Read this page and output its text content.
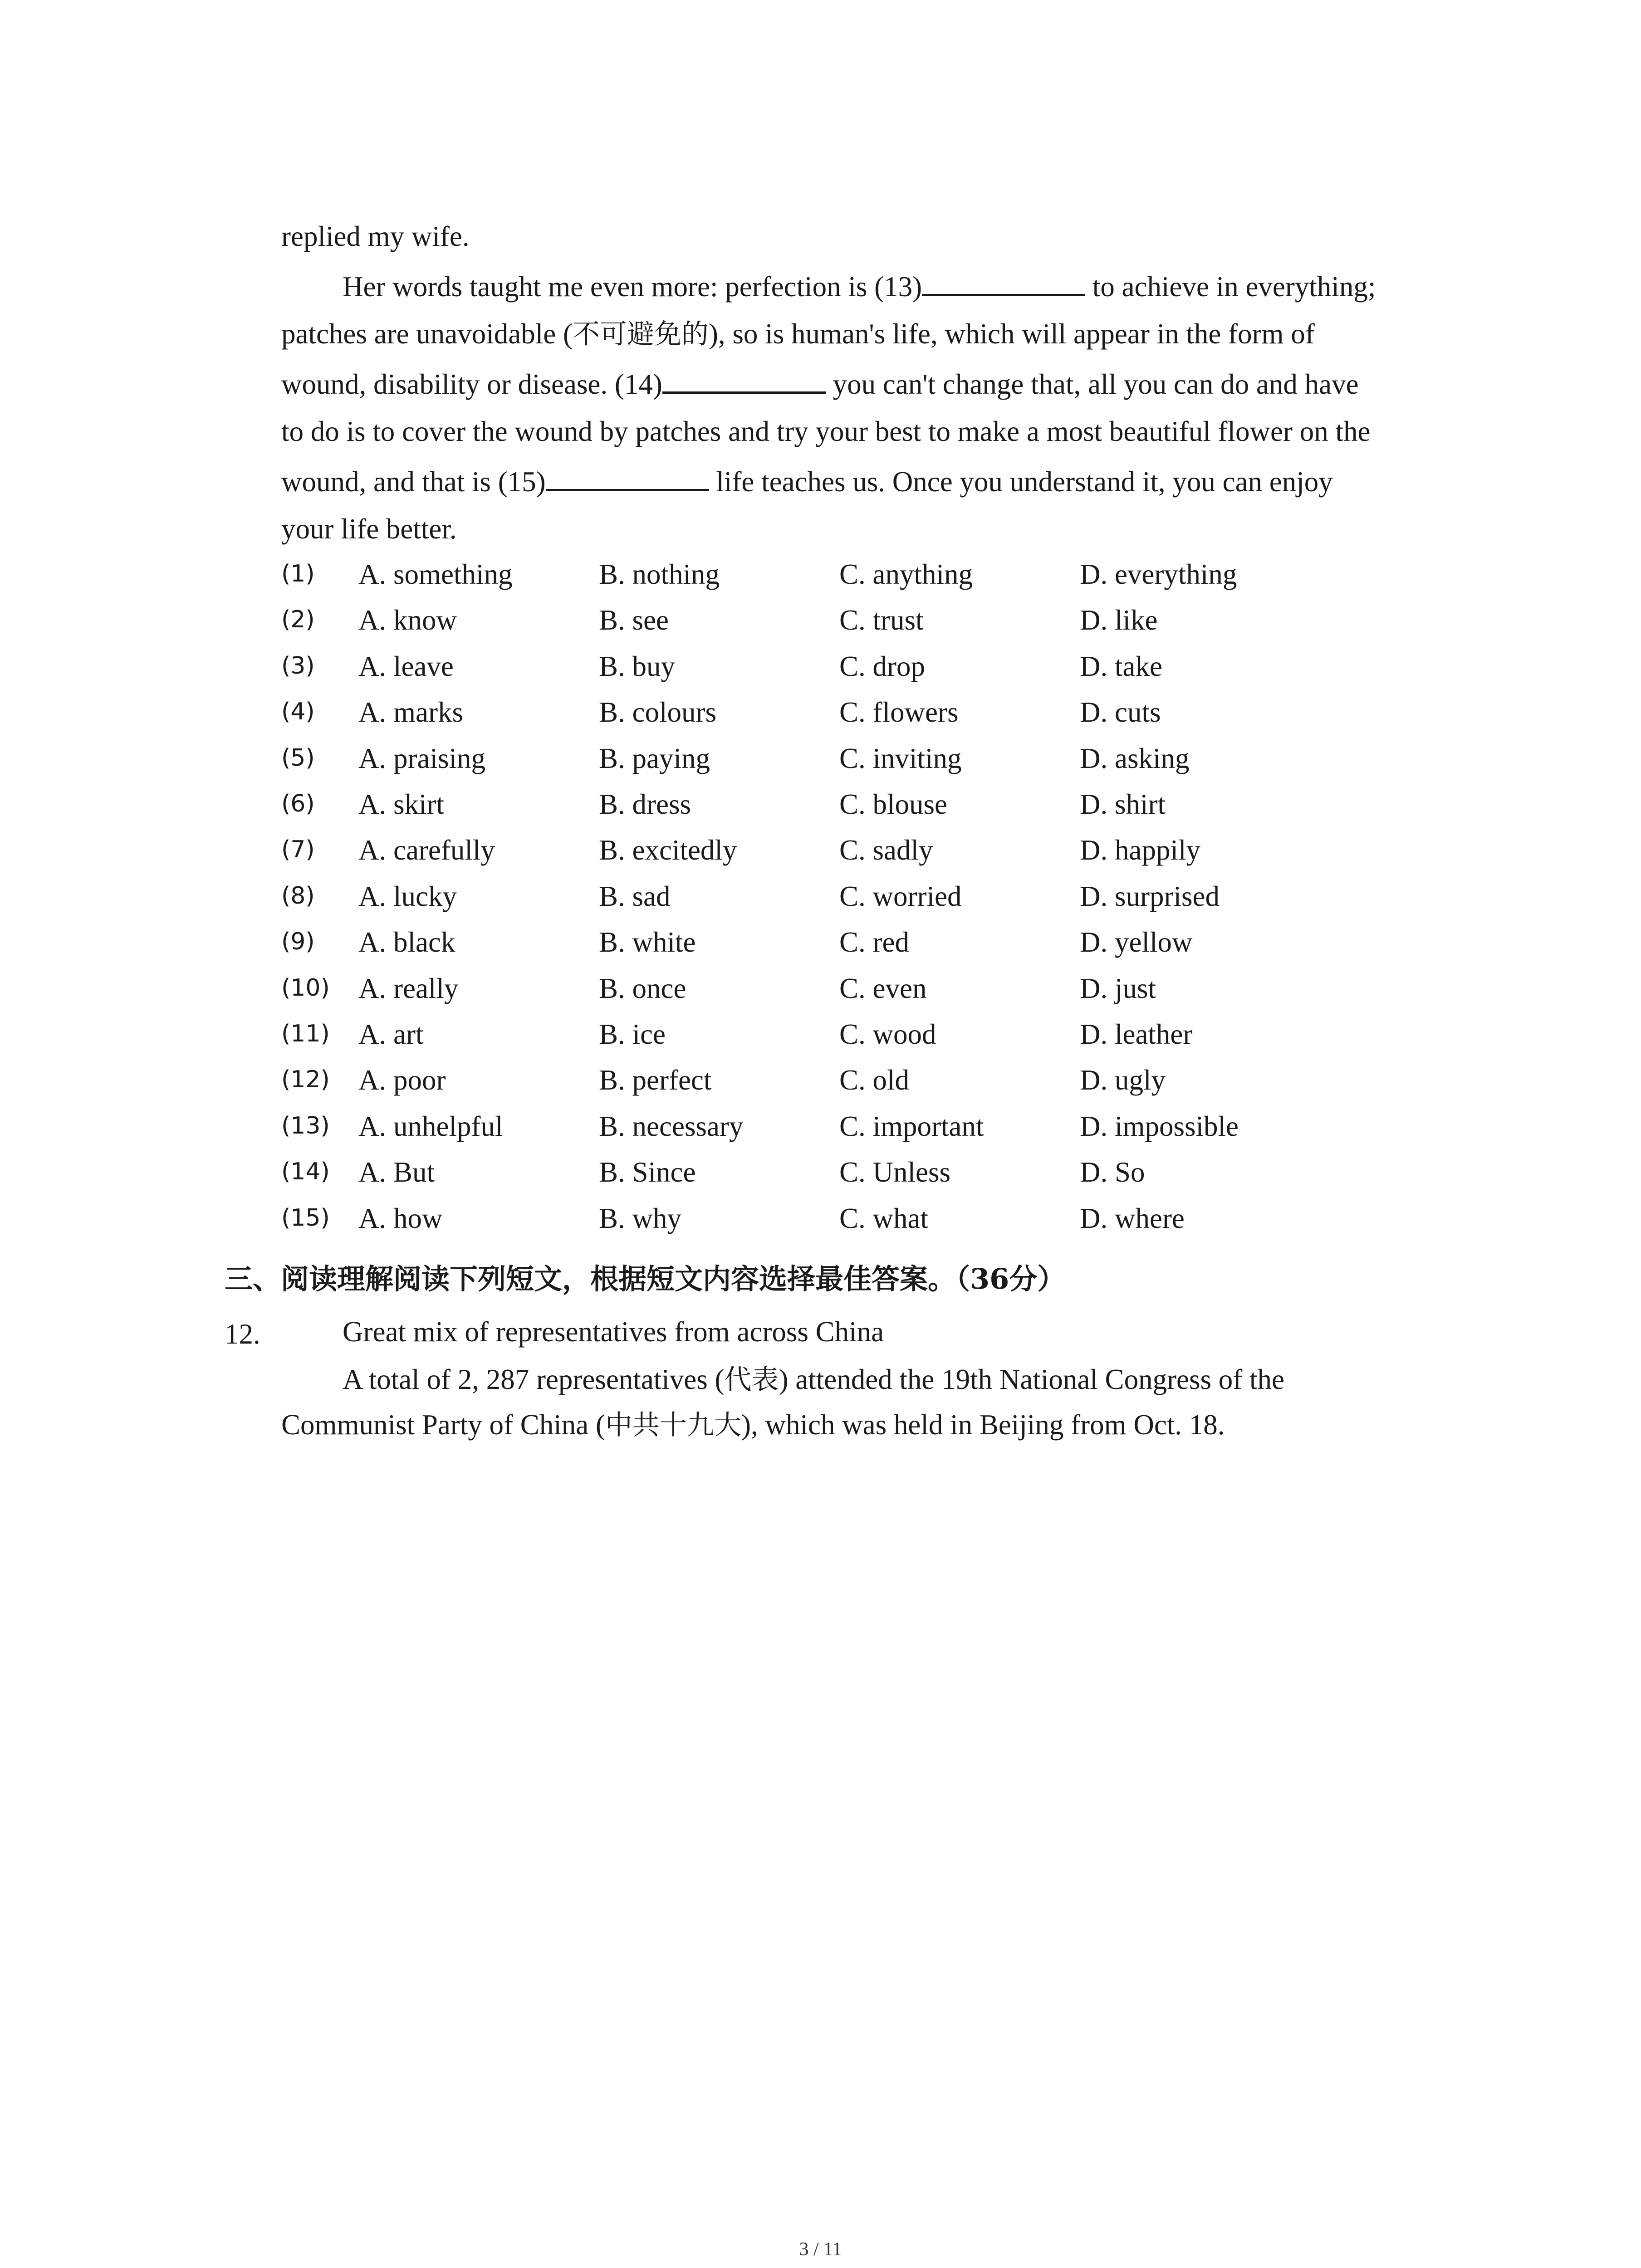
replied my wife.
Her words taught me even more: perfection is (13)	to achieve in everything;
patches are unavoidable (不可避免的), so is human's life, which will appear in the form of
wound, disability or disease. (14)	you can't change that, all you can do and have
to do is to cover the wound by patches and try your best to make a most beautiful flower on the
wound, and that is (15)	life teaches us. Once you understand it, you can enjoy
your life better.
(1) A. something	B. nothing	C. anything	D. everything
(2) A. know	B. see	C. trust	D. like
(3) A. leave	B. buy	C. drop	D. take
(4) A. marks	B. colours	C. flowers	D. cuts
(5) A. praising	B. paying	C. inviting	D. asking
(6) A. skirt	B. dress	C. blouse	D. shirt
(7) A. carefully	B. excitedly	C. sadly	D. happily
(8) A. lucky	B. sad	C. worried	D. surprised
(9) A. black	B. white	C. red	D. yellow
(10) A. really	B. once	C. even	D. just
(11) A. art	B. ice	C. wood	D. leather
(12) A. poor	B. perfect	C. old	D. ugly
(13) A. unhelpful	B. necessary	C. important	D. impossible
(14) A. But	B. Since	C. Unless	D. So
(15) A. how	B. why	C. what	D. where
三、阅读理解阅读下列短文，根据短文内容选择最佳答案。（36分）
12.	Great mix of representatives from across China
A total of 2, 287 representatives (代表) attended the 19th National Congress of the
Communist Party of China (中共十九大), which was held in Beijing from Oct. 18.
3 / 11
